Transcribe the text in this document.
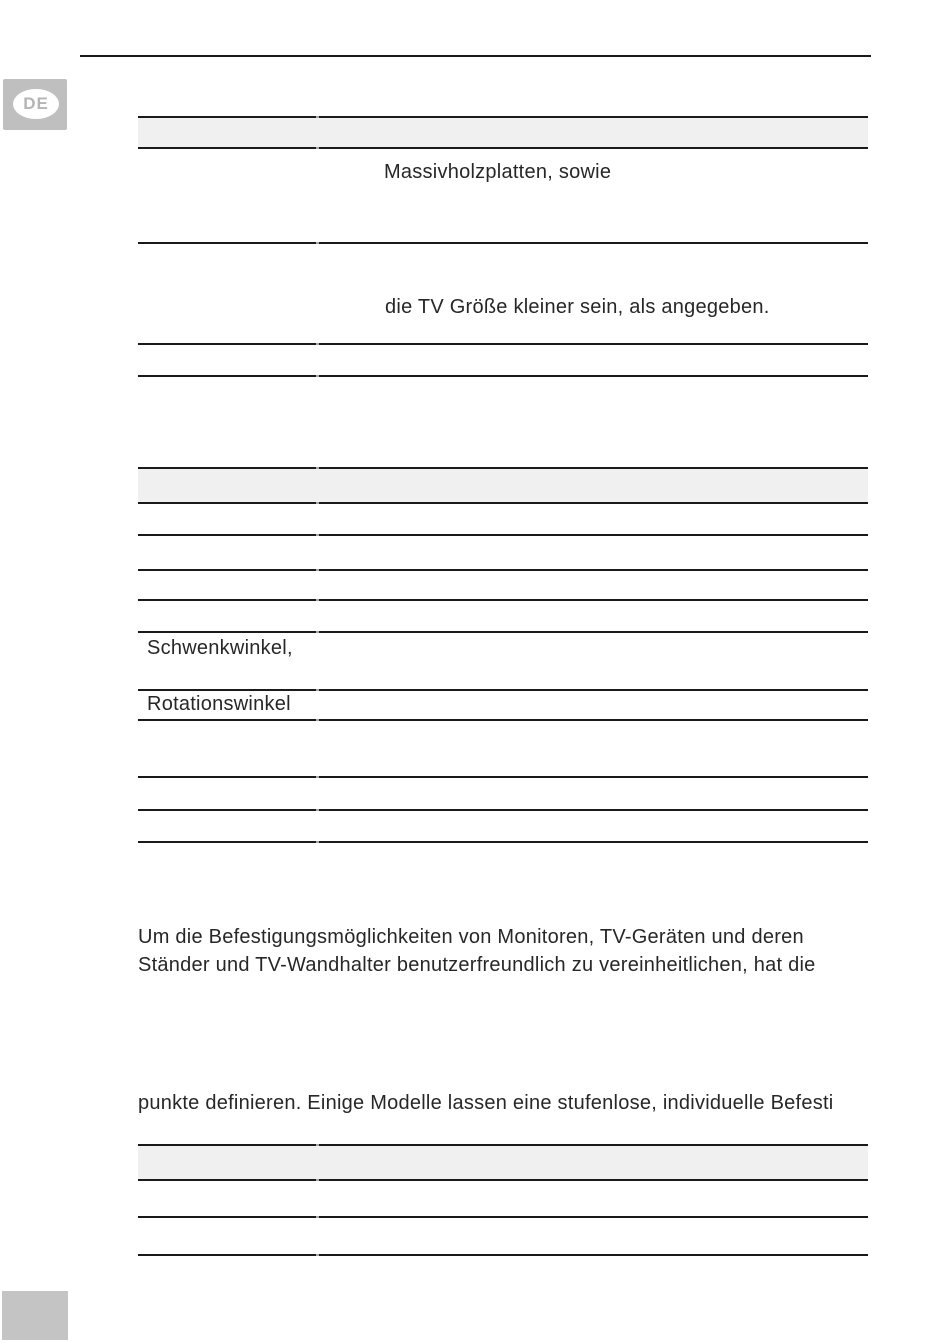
DE
Massivholzplatten, sowie
die TV Größe kleiner sein, als angegeben.
Schwenkwinkel,
Rotationswinkel
Um die Befestigungsmöglichkeiten von Monitoren, TV-Geräten und deren
Ständer und TV-Wandhalter benutzerfreundlich zu vereinheitlichen, hat die
punkte definieren. Einige Modelle lassen eine stufenlose, individuelle Befesti
